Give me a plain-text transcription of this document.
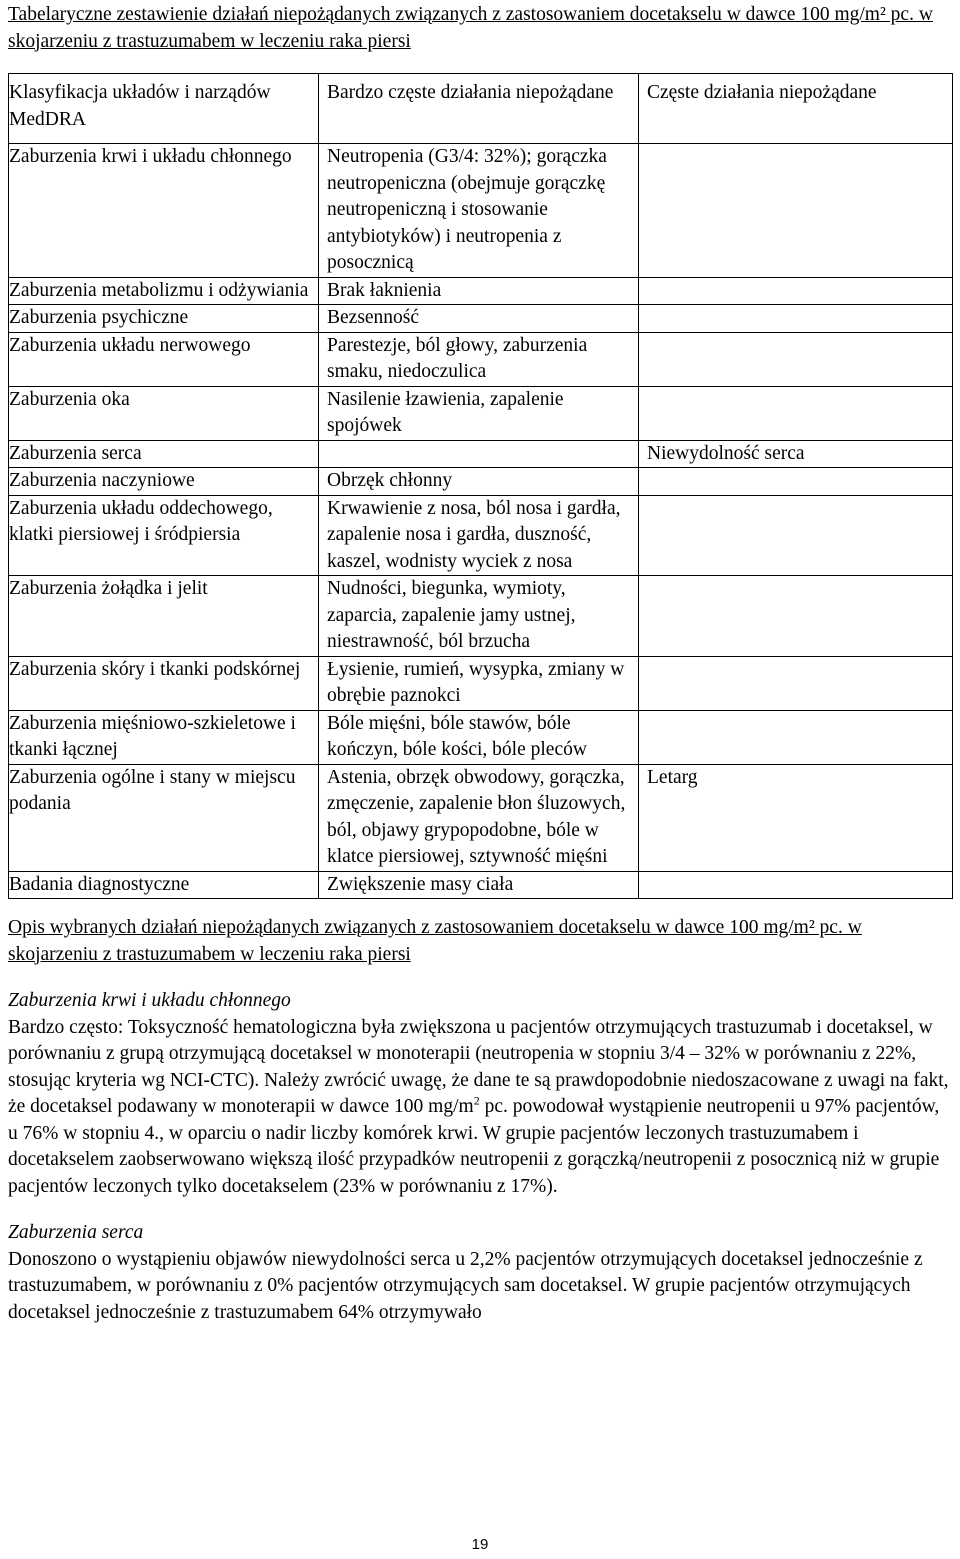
Tabelaryczne zestawienie działań niepożądanych związanych z zastosowaniem docetakselu w dawce 100 mg/m² pc. w skojarzeniu z trastuzumabem w leczeniu raka piersi
Klasyfikacja układów i narządów MedDRA	Bardzo częste działania niepożądane	Częste działania niepożądane
Zaburzenia krwi i układu chłonnego	Neutropenia (G3/4: 32%); gorączka neutropeniczna (obejmuje gorączkę neutropeniczną i stosowanie antybiotyków) i neutropenia z posocznicą	
Zaburzenia metabolizmu i odżywiania	Brak łaknienia	
Zaburzenia psychiczne	Bezsenność	
Zaburzenia układu nerwowego	Parestezje, ból głowy, zaburzenia smaku, niedoczulica	
Zaburzenia oka	Nasilenie łzawienia, zapalenie spojówek	
Zaburzenia serca		Niewydolność serca
Zaburzenia naczyniowe	Obrzęk chłonny	
Zaburzenia układu oddechowego, klatki piersiowej i śródpiersia	Krwawienie z nosa, ból nosa i gardła, zapalenie nosa i gardła, duszność, kaszel, wodnisty wyciek z nosa	
Zaburzenia żołądka i jelit	Nudności, biegunka, wymioty, zaparcia, zapalenie jamy ustnej, niestrawność, ból brzucha	
Zaburzenia skóry i tkanki podskórnej	Łysienie, rumień, wysypka, zmiany w obrębie paznokci	
Zaburzenia mięśniowo-szkieletowe i tkanki łącznej	Bóle mięśni, bóle stawów, bóle kończyn, bóle kości, bóle pleców	
Zaburzenia ogólne i stany w miejscu podania	Astenia, obrzęk obwodowy, gorączka, zmęczenie, zapalenie błon śluzowych, ból, objawy grypopodobne, bóle w klatce piersiowej, sztywność mięśni	Letarg
Badania diagnostyczne	Zwiększenie masy ciała	
Opis wybranych działań niepożądanych związanych z zastosowaniem docetakselu w dawce 100 mg/m² pc. w skojarzeniu z trastuzumabem w leczeniu raka piersi

Zaburzenia krwi i układu chłonnego

Bardzo często: Toksyczność hematologiczna była zwiększona u pacjentów otrzymujących trastuzumab i docetaksel, w porównaniu z grupą otrzymującą docetaksel w monoterapii (neutropenia w stopniu 3/4 – 32% w porównaniu z 22%, stosując kryteria wg NCI-CTC). Należy zwrócić uwagę, że dane te są prawdopodobnie niedoszacowane z uwagi na fakt, że docetaksel podawany w monoterapii w dawce 100 $mg/m^2$ pc. powodował wystąpienie neutropenii u 97% pacjentów, u 76% w stopniu 4., w oparciu o nadir liczby komórek krwi. W grupie pacjentów leczonych trastuzumabem i docetakselem zaobserwowano większą ilość przypadków neutropenii z gorączką/neutropenii z posocznicą niż w grupie pacjentów leczonych tylko docetakselem (23% w porównaniu z 17%).

Zaburzenia serca

Donoszono o wystąpieniu objawów niewydolności serca u 2,2% pacjentów otrzymujących docetaksel jednocześnie z trastuzumabem, w porównaniu z 0% pacjentów otrzymujących sam docetaksel. W grupie pacjentów otrzymujących docetaksel jednocześnie z trastuzumabem 64% otrzymywało

19
